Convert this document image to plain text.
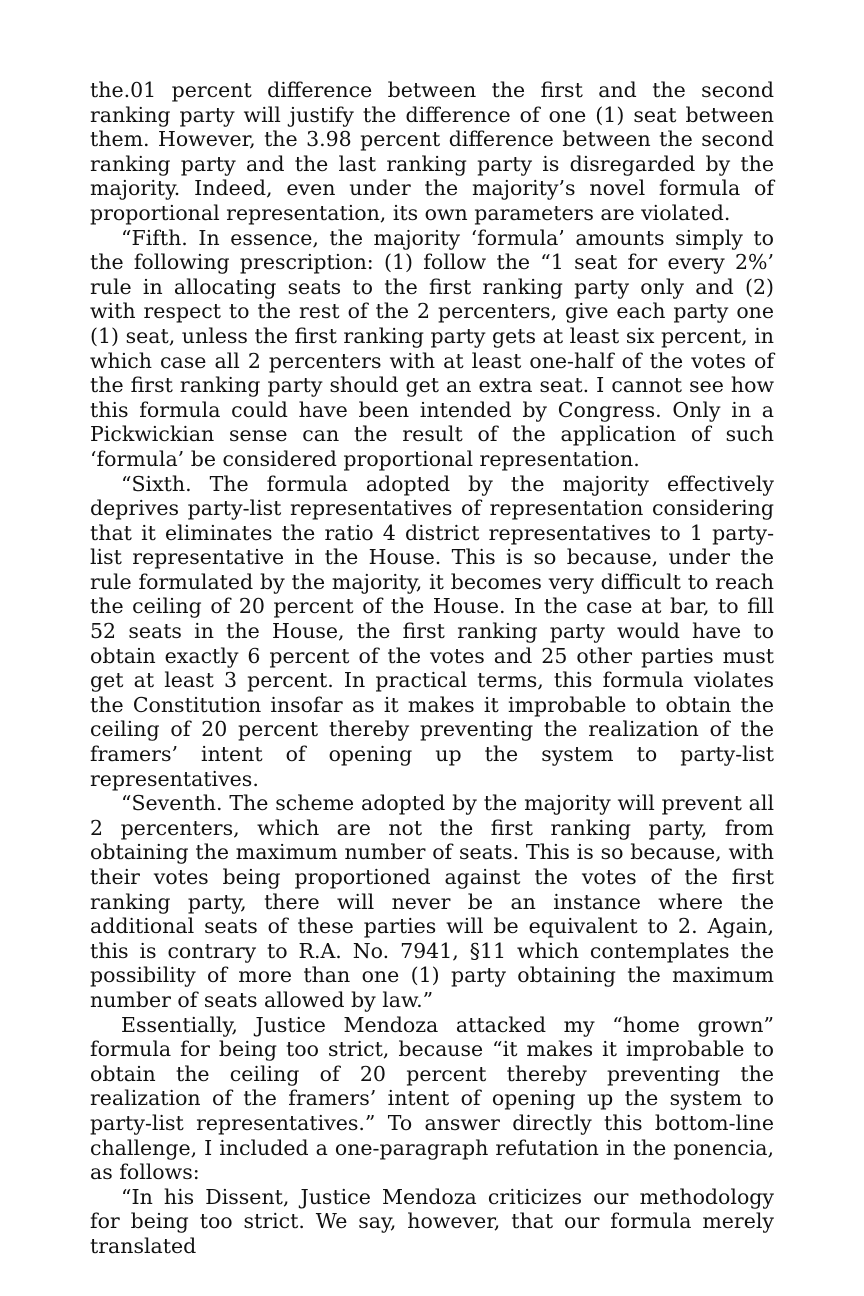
the.01 percent difference between the first and the second ranking party will justify the difference of one (1) seat between them. However, the 3.98 percent difference between the second ranking party and the last ranking party is disregarded by the majority. Indeed, even under the majority’s novel formula of proportional representation, its own parameters are violated.

“Fifth. In essence, the majority ‘formula’ amounts simply to the following prescription: (1) follow the “1 seat for every 2%’ rule in allocating seats to the first ranking party only and (2) with respect to the rest of the 2 percenters, give each party one (1) seat, unless the first ranking party gets at least six percent, in which case all 2 percenters with at least one-half of the votes of the first ranking party should get an extra seat. I cannot see how this formula could have been intended by Congress. Only in a Pickwickian sense can the result of the application of such ‘formula’ be considered proportional representation.

“Sixth. The formula adopted by the majority effectively deprives party-list representatives of representation considering that it eliminates the ratio 4 district representatives to 1 party-list representative in the House. This is so because, under the rule formulated by the majority, it becomes very difficult to reach the ceiling of 20 percent of the House. In the case at bar, to fill 52 seats in the House, the first ranking party would have to obtain exactly 6 percent of the votes and 25 other parties must get at least 3 percent. In practical terms, this formula violates the Constitution insofar as it makes it improbable to obtain the ceiling of 20 percent thereby preventing the realization of the framers’ intent of opening up the system to party-list representatives.

“Seventh. The scheme adopted by the majority will prevent all 2 percenters, which are not the first ranking party, from obtaining the maximum number of seats. This is so because, with their votes being proportioned against the votes of the first ranking party, there will never be an instance where the additional seats of these parties will be equivalent to 2. Again, this is contrary to R.A. No. 7941, §11 which contemplates the possibility of more than one (1) party obtaining the maximum number of seats allowed by law.”

Essentially, Justice Mendoza attacked my “home grown” formula for being too strict, because “it makes it improbable to obtain the ceiling of 20 percent thereby preventing the realization of the framers’ intent of opening up the system to party-list representatives.” To answer directly this bottom-line challenge, I included a one-paragraph refutation in the ponencia, as follows:

“In his Dissent, Justice Mendoza criticizes our methodology for being too strict. We say, however, that our formula merely translated
